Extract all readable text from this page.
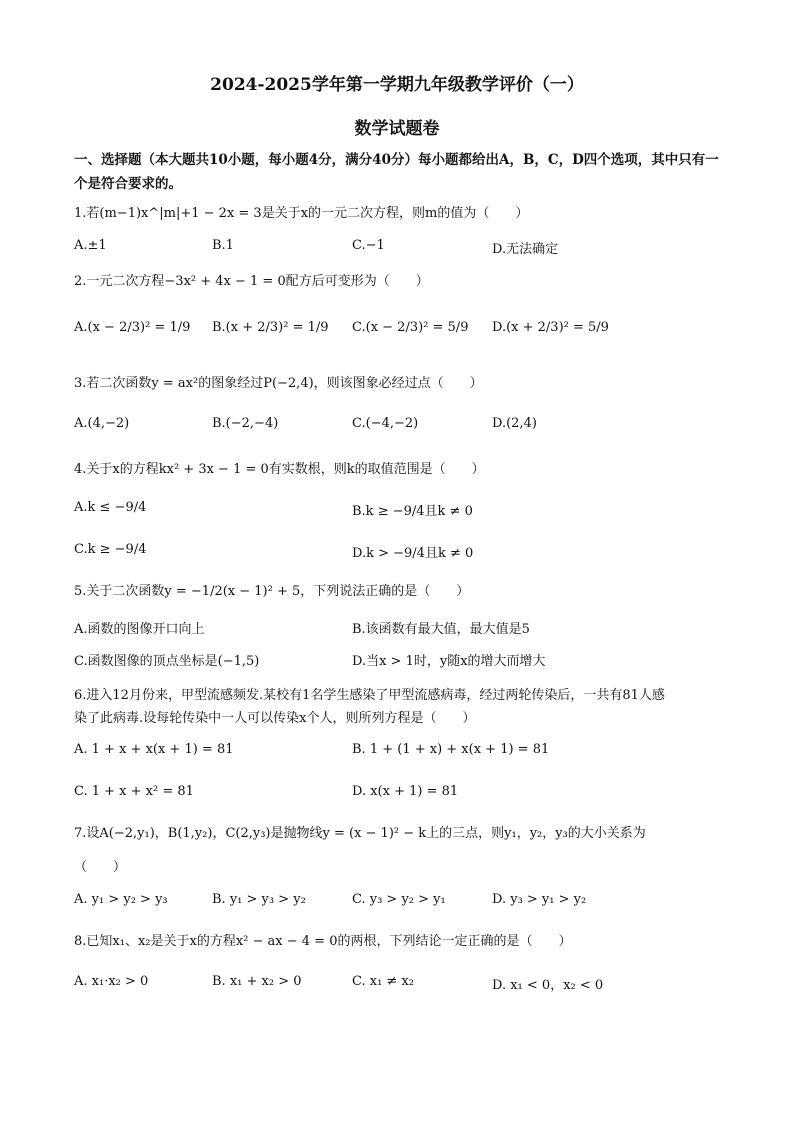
2024-2025学年第一学期九年级教学评价（一）
数学试题卷
一、选择题（本大题共10小题，每小题4分，满分40分）每小题都给出A，B，C，D四个选项，其中只有一个是符合要求的。
1.若(m−1)x^|m|+1 − 2x = 3是关于x的一元二次方程，则m的值为（　　）
A.±1	B.1	C.−1	D.无法确定
2.一元二次方程−3x² + 4x − 1 = 0配方后可变形为（　　）
A.(x − 2/3)² = 1/9 B.(x + 2/3)² = 1/9 C.(x − 2/3)² = 5/9 D.(x + 2/3)² = 5/9
3.若二次函数y = ax²的图象经过P(−2,4)，则该图象必经过点（　　）
A.(4,−2)	B.(−2,−4)	C.(−4,−2)	D.(2,4)
4.关于x的方程kx² + 3x − 1 = 0有实数根，则k的取值范围是（　　）
A.k ≤ −9/4	B.k ≥ −9/4且k ≠ 0
C.k ≥ −9/4	D.k > −9/4且k ≠ 0
5.关于二次函数y = −1/2(x − 1)² + 5，下列说法正确的是（　　）
A.函数的图像开口向上	B.该函数有最大值，最大值是5
C.函数图像的顶点坐标是(−1,5)	D.当x > 1时，y随x的增大而增大
6.进入12月份来，甲型流感频发.某校有1名学生感染了甲型流感病毒，经过两轮传染后，一共有81人感
染了此病毒.设每轮传染中一人可以传染x个人，则所列方程是（　　）
A. 1 + x + x(x + 1) = 81	B. 1 + (1 + x) + x(x + 1) = 81
C. 1 + x + x² = 81	D. x(x + 1) = 81
7.设A(−2,y₁)，B(1,y₂)，C(2,y₃)是抛物线y = (x − 1)² − k上的三点，则y₁，y₂，y₃的大小关系为
（　　）
A. y₁ > y₂ > y₃	B. y₁ > y₃ > y₂	C. y₃ > y₂ > y₁	D. y₃ > y₁ > y₂
8.已知x₁、x₂是关于x的方程x² − ax − 4 = 0的两根，下列结论一定正确的是（　　）
A. x₁·x₂ > 0	B. x₁ + x₂ > 0	C. x₁ ≠ x₂	D. x₁ < 0，x₂ < 0
